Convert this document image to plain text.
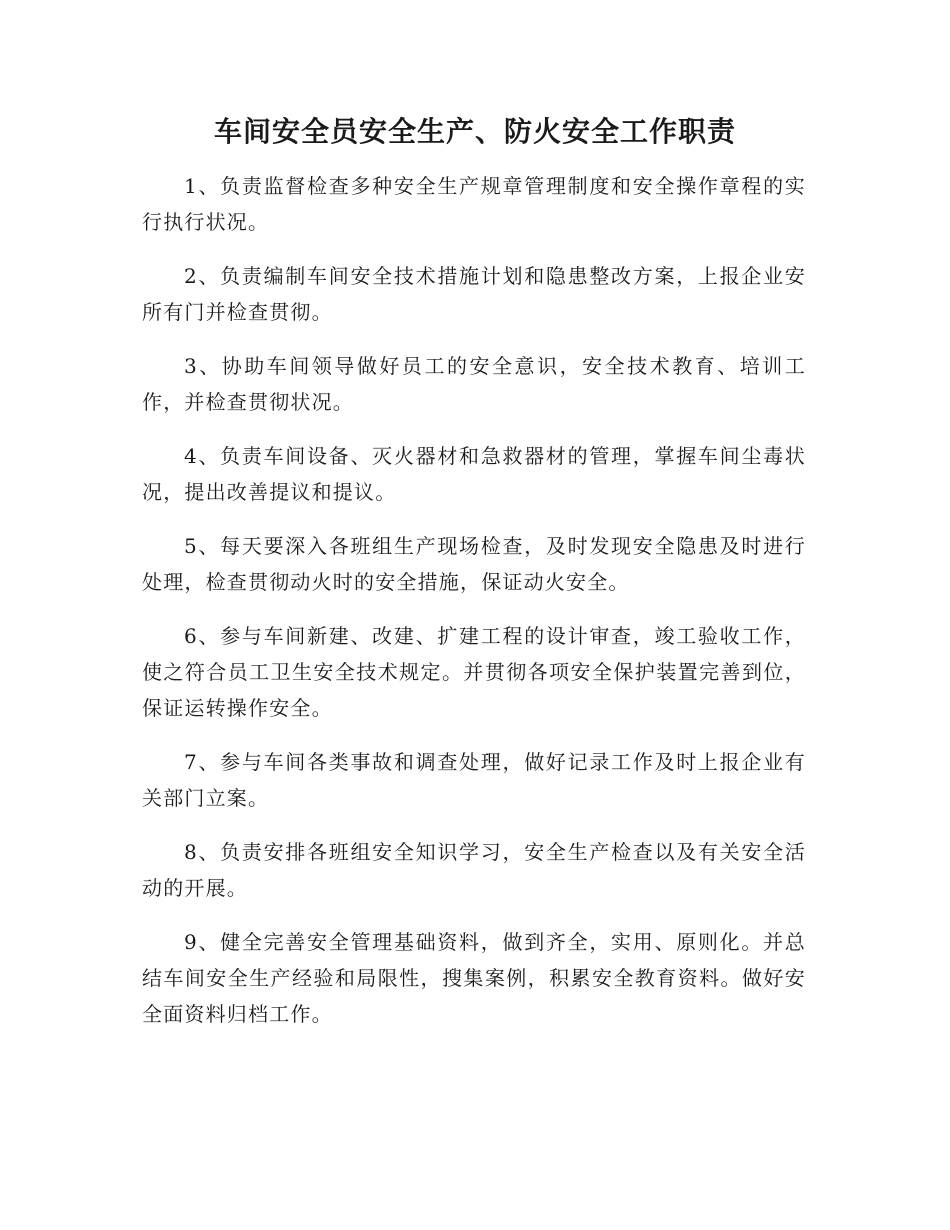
车间安全员安全生产、防火安全工作职责

1、负责监督检查多种安全生产规章管理制度和安全操作章程的实行执行状况。

2、负责编制车间安全技术措施计划和隐患整改方案，上报企业安所有门并检查贯彻。

3、协助车间领导做好员工的安全意识，安全技术教育、培训工作，并检查贯彻状况。

4、负责车间设备、灭火器材和急救器材的管理，掌握车间尘毒状况，提出改善提议和提议。

5、每天要深入各班组生产现场检查，及时发现安全隐患及时进行处理，检查贯彻动火时的安全措施，保证动火安全。

6、参与车间新建、改建、扩建工程的设计审查，竣工验收工作，使之符合员工卫生安全技术规定。并贯彻各项安全保护装置完善到位，保证运转操作安全。

7、参与车间各类事故和调查处理，做好记录工作及时上报企业有关部门立案。

8、负责安排各班组安全知识学习，安全生产检查以及有关安全活动的开展。

9、健全完善安全管理基础资料，做到齐全，实用、原则化。并总结车间安全生产经验和局限性，搜集案例，积累安全教育资料。做好安全面资料归档工作。
